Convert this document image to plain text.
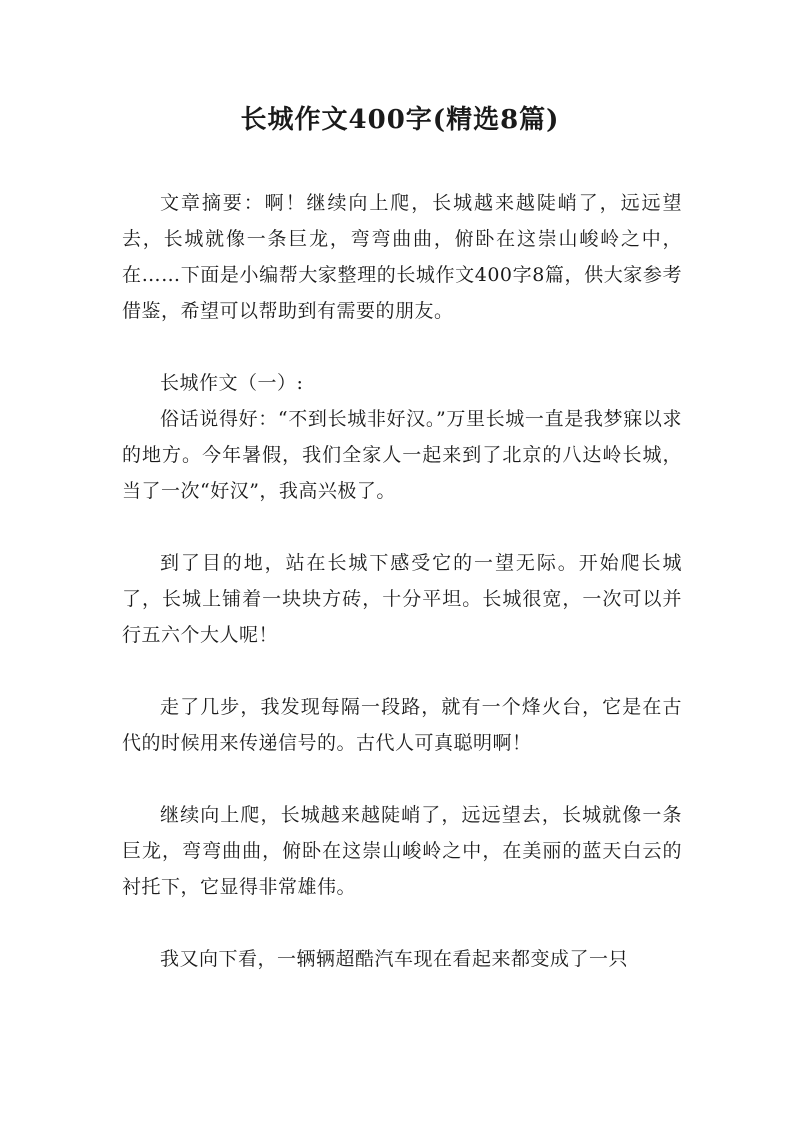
长城作文400字(精选8篇)

文章摘要：啊！继续向上爬，长城越来越陡峭了，远远望去，长城就像一条巨龙，弯弯曲曲，俯卧在这崇山峻岭之中，在……下面是小编帮大家整理的长城作文400字8篇，供大家参考借鉴，希望可以帮助到有需要的朋友。

长城作文（一）:

俗话说得好：“不到长城非好汉。”万里长城一直是我梦寐以求的地方。今年暑假，我们全家人一起来到了北京的八达岭长城，当了一次“好汉”，我高兴极了。

到了目的地，站在长城下感受它的一望无际。开始爬长城了，长城上铺着一块块方砖，十分平坦。长城很宽，一次可以并行五六个大人呢！

走了几步，我发现每隔一段路，就有一个烽火台，它是在古代的时候用来传递信号的。古代人可真聪明啊！

继续向上爬，长城越来越陡峭了，远远望去，长城就像一条巨龙，弯弯曲曲，俯卧在这崇山峻岭之中，在美丽的蓝天白云的衬托下，它显得非常雄伟。

我又向下看，一辆辆超酷汽车现在看起来都变成了一只
